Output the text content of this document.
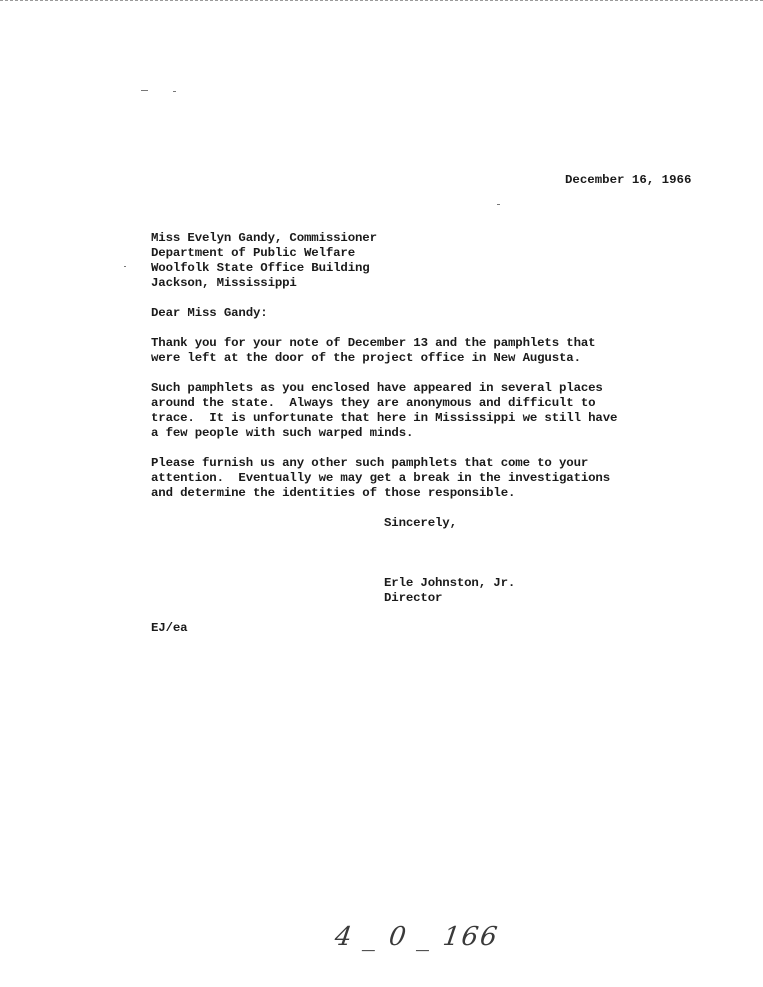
December 16, 1966
Miss Evelyn Gandy, Commissioner
Department of Public Welfare
Woolfolk State Office Building
Jackson, Mississippi
Dear Miss Gandy:
Thank you for your note of December 13 and the pamphlets that
were left at the door of the project office in New Augusta.
Such pamphlets as you enclosed have appeared in several places
around the state.  Always they are anonymous and difficult to
trace.  It is unfortunate that here in Mississippi we still have
a few people with such warped minds.
Please furnish us any other such pamphlets that come to your
attention.  Eventually we may get a break in the investigations
and determine the identities of those responsible.
Sincerely,
Erle Johnston, Jr.
Director
EJ/ea
4 _ 0 _ 166
